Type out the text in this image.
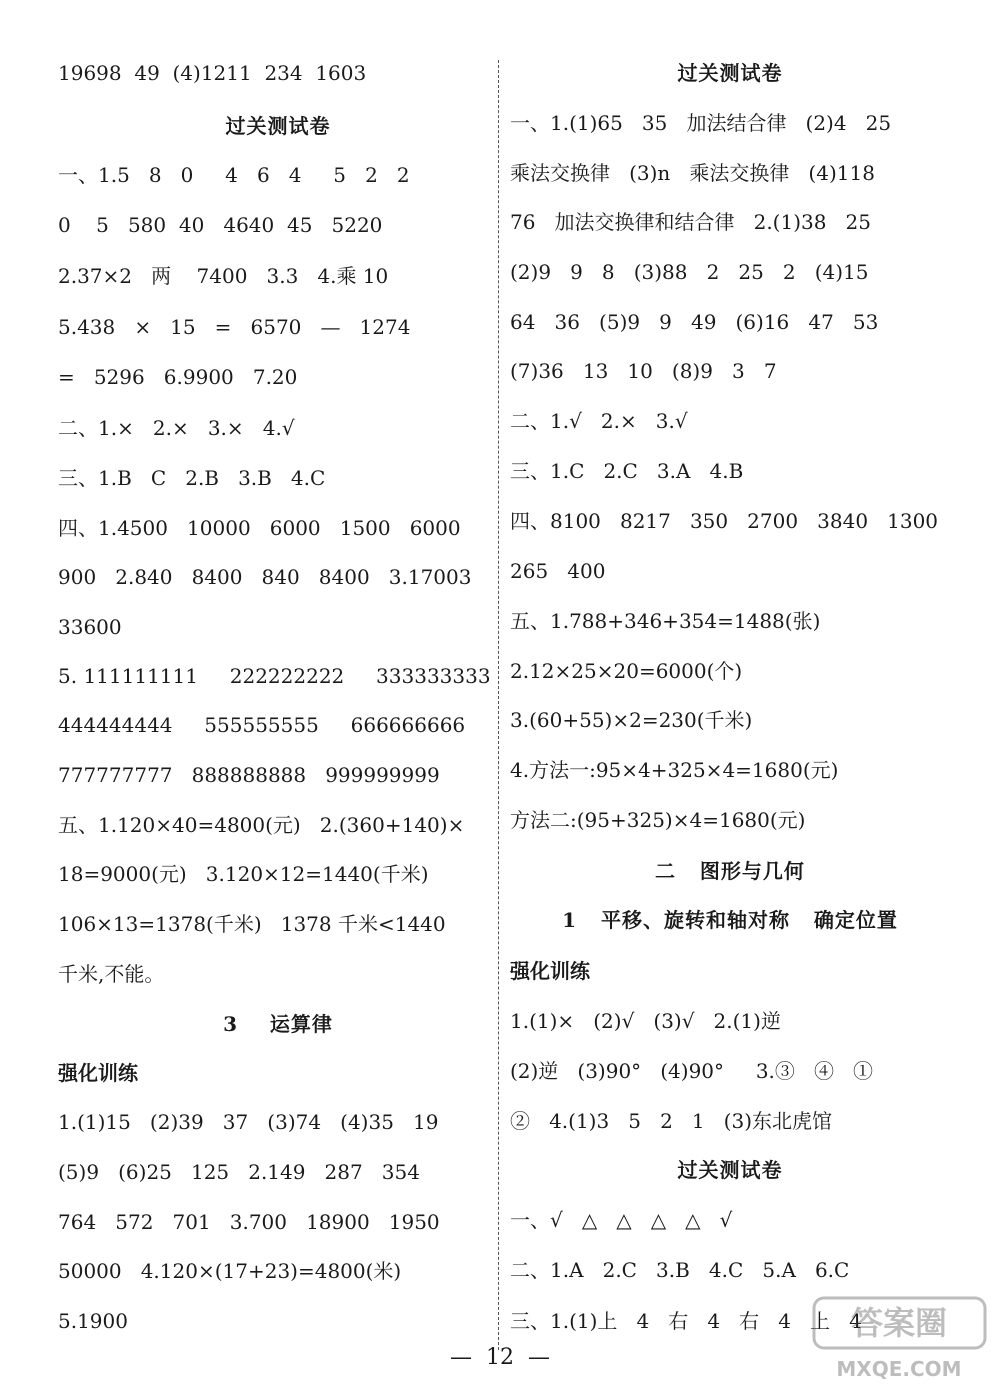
19698  49  (4)1211  234  1603
过关测试卷
一、1.5   8   0     4   6   4     5   2   2
0    5   580  40   4640  45   5220
2.37×2   两    7400   3.3   4.乘 10
5.438   ×   15   =   6570   —   1274
=   5296   6.9900   7.20
二、1.×   2.×   3.×   4.√
三、1.B   C   2.B   3.B   4.C
四、1.4500   10000   6000   1500   6000
900   2.840   8400   840   8400   3.17003
33600
5. 111111111     222222222     333333333
444444444     555555555     666666666
777777777   888888888   999999999
五、1.120×40=4800(元)   2.(360+140)×
18=9000(元)   3.120×12=1440(千米)
106×13=1378(千米)   1378 千米<1440
千米,不能。
3    运算律
强化训练
1.(1)15   (2)39   37   (3)74   (4)35   19
(5)9   (6)25   125   2.149   287   354
764   572   701   3.700   18900   1950
50000   4.120×(17+23)=4800(米)
5.1900
过关测试卷
一、1.(1)65   35   加法结合律   (2)4   25
乘法交换律   (3)n   乘法交换律   (4)118
76   加法交换律和结合律   2.(1)38   25
(2)9   9   8   (3)88   2   25   2   (4)15
64   36   (5)9   9   49   (6)16   47   53
(7)36   13   10   (8)9   3   7
二、1.√   2.×   3.√
三、1.C   2.C   3.A   4.B
四、8100   8217   350   2700   3840   1300
265   400
五、1.788+346+354=1488(张)
2.12×25×20=6000(个)
3.(60+55)×2=230(千米)
4.方法一:95×4+325×4=1680(元)
方法二:(95+325)×4=1680(元)
二   图形与几何
1   平移、旋转和轴对称   确定位置
强化训练
1.(1)×   (2)√   (3)√   2.(1)逆
(2)逆   (3)90°   (4)90°     3.③   ④   ①
②   4.(1)3   5   2   1   (3)东北虎馆
过关测试卷
一、√   △   △   △   △   √
二、1.A   2.C   3.B   4.C   5.A   6.C
三、1.(1)上   4   右   4   右   4   上   4
—  12  —
答案圈
MXQE.COM
